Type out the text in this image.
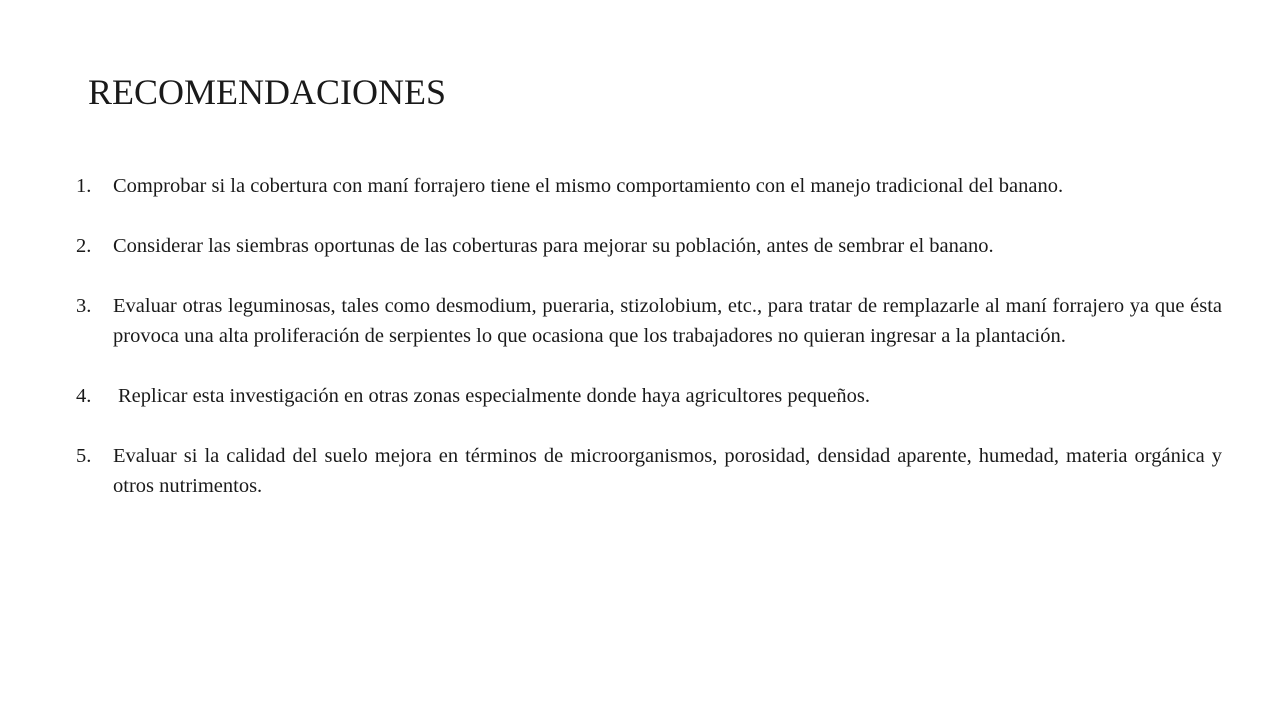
RECOMENDACIONES
1.	Comprobar si la cobertura con maní forrajero tiene el mismo comportamiento con el manejo tradicional del banano.
2.	Considerar las siembras oportunas de las coberturas para mejorar su población, antes de sembrar el banano.
3.	Evaluar otras leguminosas, tales como desmodium, pueraria, stizolobium, etc., para tratar de remplazarle al maní forrajero ya que ésta provoca una alta proliferación de serpientes lo que ocasiona que los trabajadores no quieran ingresar a la plantación.
4.	Replicar esta investigación en otras zonas especialmente donde haya agricultores pequeños.
5.	Evaluar si la calidad del suelo mejora en términos de microorganismos, porosidad, densidad aparente, humedad, materia orgánica y otros nutrimentos.
